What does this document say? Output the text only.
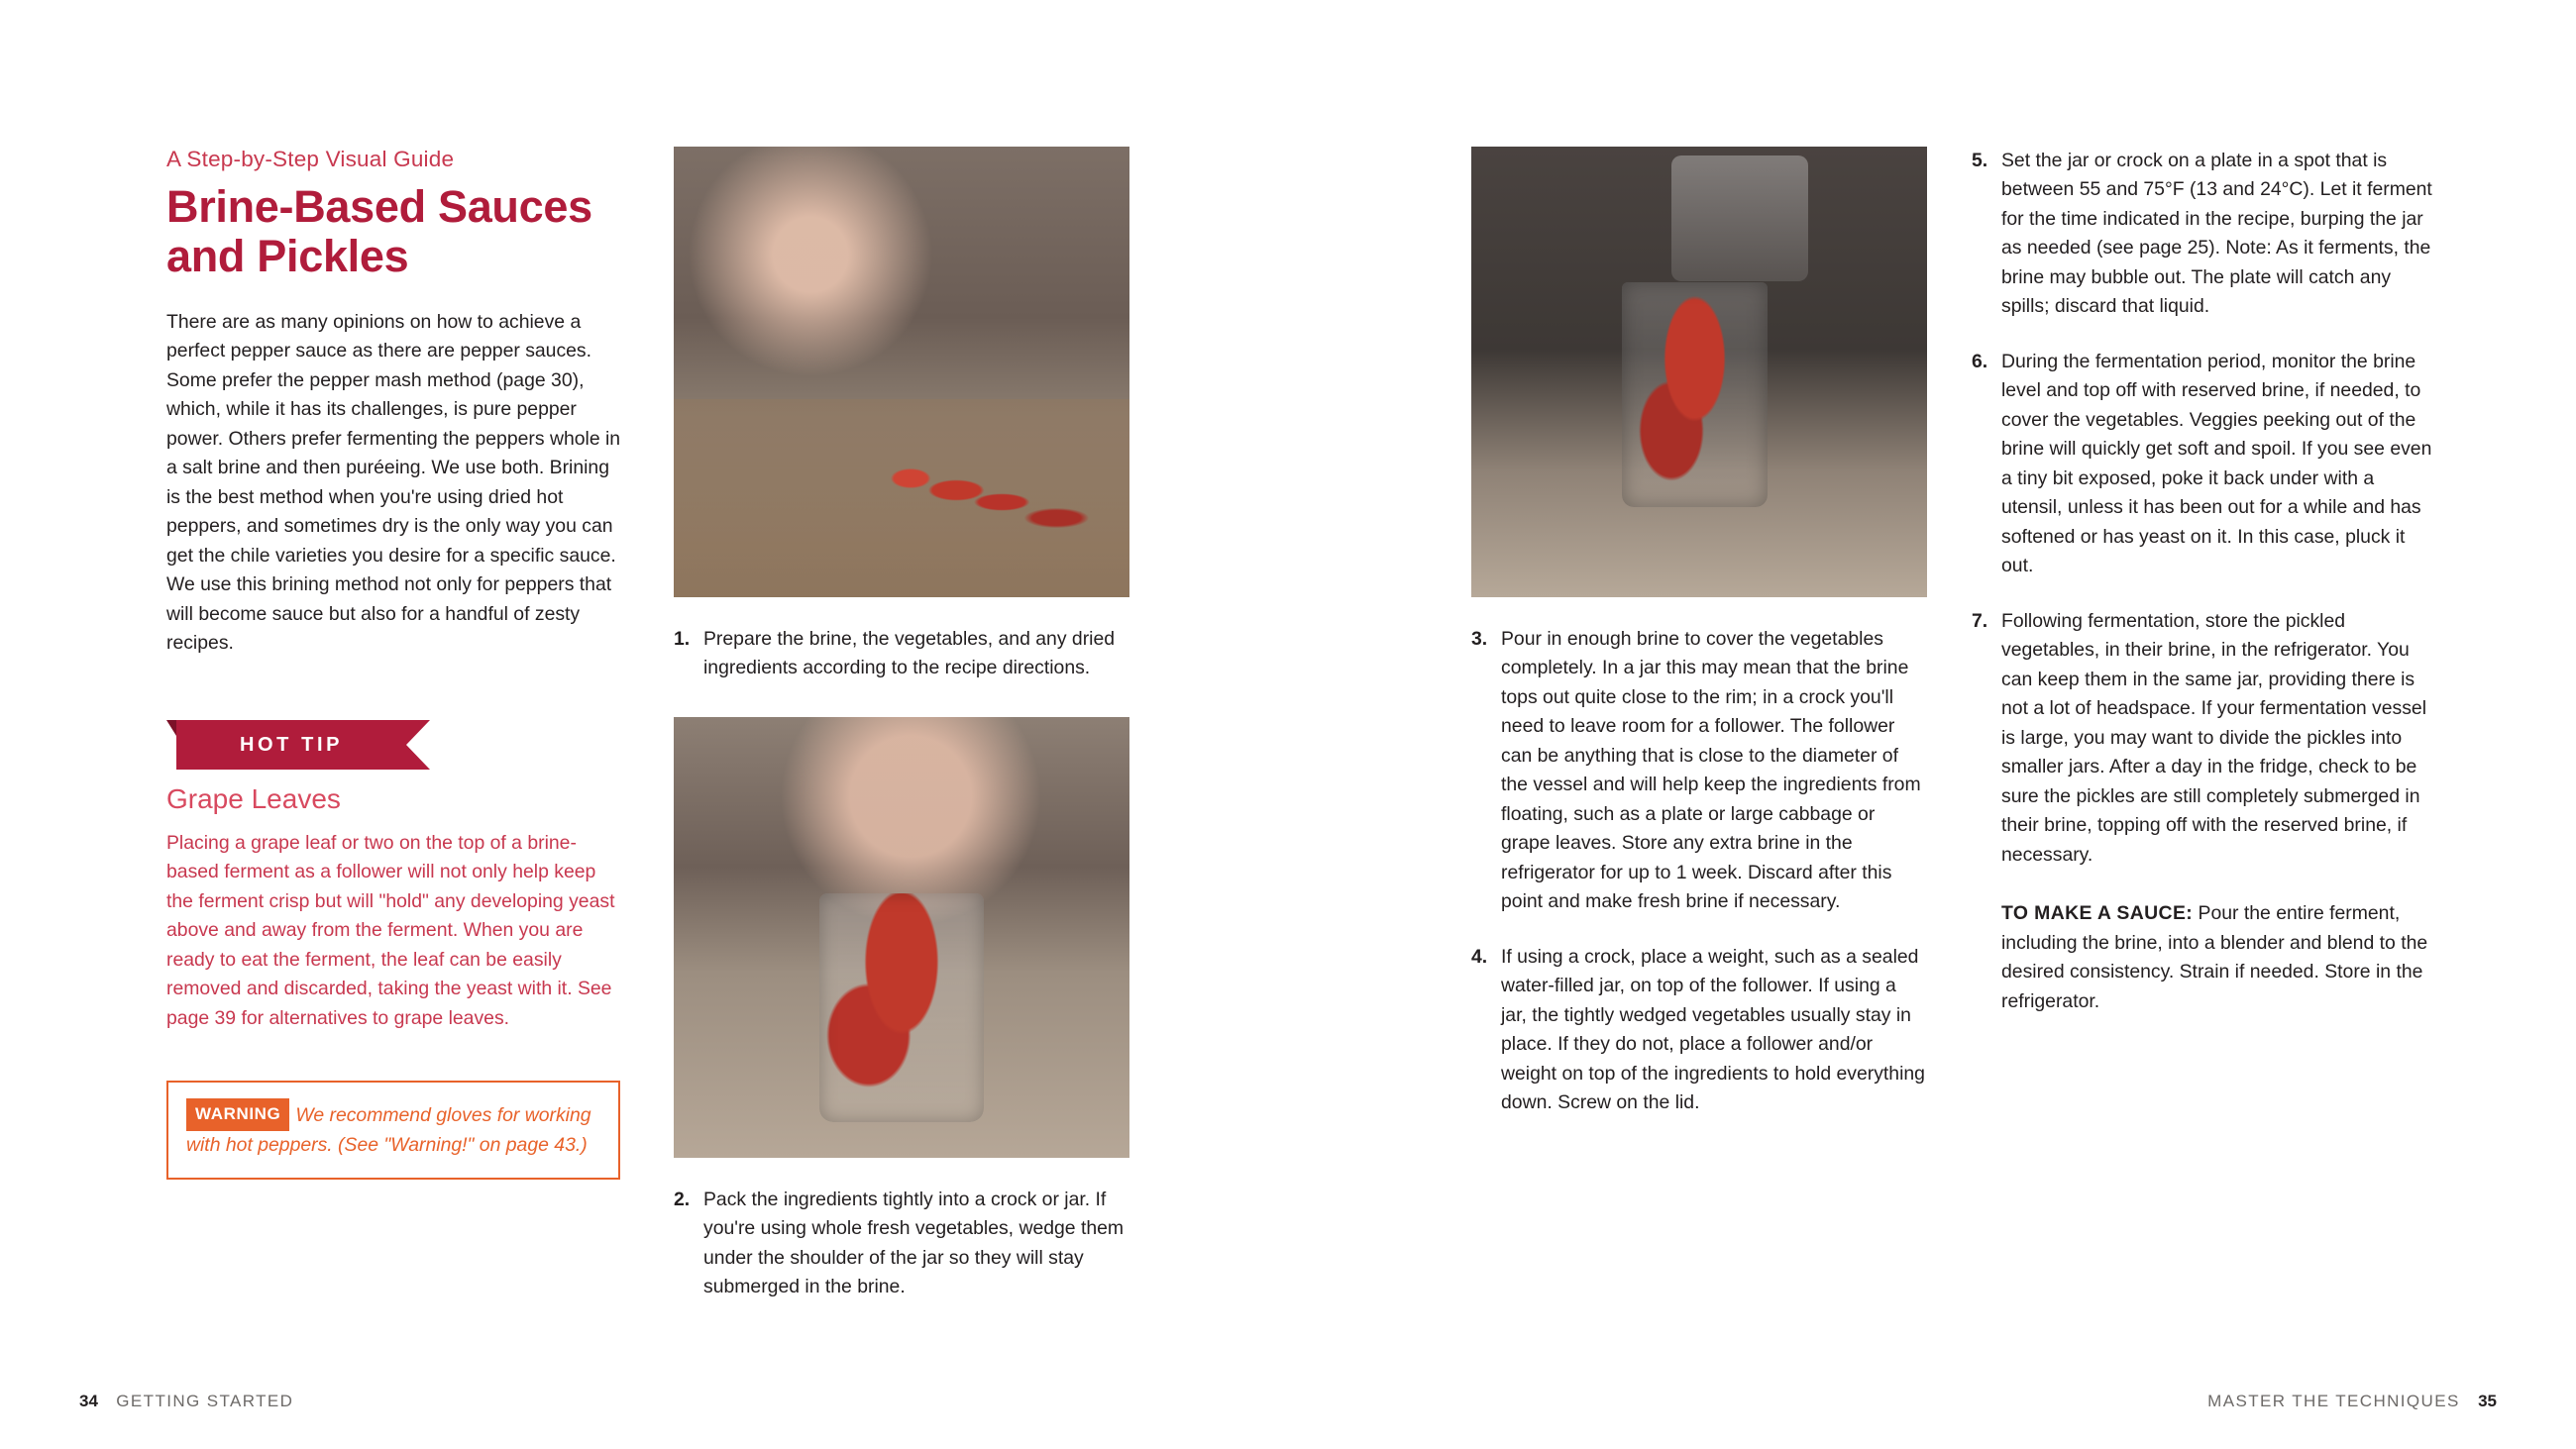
A Step-by-Step Visual Guide

Brine-Based Sauces and Pickles

There are as many opinions on how to achieve a perfect pepper sauce as there are pepper sauces. Some prefer the pepper mash method (page 30), which, while it has its challenges, is pure pepper power. Others prefer fermenting the peppers whole in a salt brine and then puréeing. We use both. Brining is the best method when you're using dried hot peppers, and sometimes dry is the only way you can get the chile varieties you desire for a specific sauce. We use this brining method not only for peppers that will become sauce but also for a handful of zesty recipes.

HOT TIP
Grape Leaves

Placing a grape leaf or two on the top of a brine-based ferment as a follower will not only help keep the ferment crisp but will "hold" any developing yeast above and away from the ferment. When you are ready to eat the ferment, the leaf can be easily removed and discarded, taking the yeast with it. See page 39 for alternatives to grape leaves.

WARNING We recommend gloves for working with hot peppers. (See "Warning!" on page 43.)
1. Prepare the brine, the vegetables, and any dried ingredients according to the recipe directions.
2. Pack the ingredients tightly into a crock or jar. If you're using whole fresh vegetables, wedge them under the shoulder of the jar so they will stay submerged in the brine.
3. Pour in enough brine to cover the vegetables completely. In a jar this may mean that the brine tops out quite close to the rim; in a crock you'll need to leave room for a follower. The follower can be anything that is close to the diameter of the vessel and will help keep the ingredients from floating, such as a plate or large cabbage or grape leaves. Store any extra brine in the refrigerator for up to 1 week. Discard after this point and make fresh brine if necessary.
4. If using a crock, place a weight, such as a sealed water-filled jar, on top of the follower. If using a jar, the tightly wedged vegetables usually stay in place. If they do not, place a follower and/or weight on top of the ingredients to hold everything down. Screw on the lid.
5. Set the jar or crock on a plate in a spot that is between 55 and 75°F (13 and 24°C). Let it ferment for the time indicated in the recipe, burping the jar as needed (see page 25). Note: As it ferments, the brine may bubble out. The plate will catch any spills; discard that liquid.
6. During the fermentation period, monitor the brine level and top off with reserved brine, if needed, to cover the vegetables. Veggies peeking out of the brine will quickly get soft and spoil. If you see even a tiny bit exposed, poke it back under with a utensil, unless it has been out for a while and has softened or has yeast on it. In this case, pluck it out.
7. Following fermentation, store the pickled vegetables, in their brine, in the refrigerator. You can keep them in the same jar, providing there is not a lot of headspace. If your fermentation vessel is large, you may want to divide the pickles into smaller jars. After a day in the fridge, check to be sure the pickles are still completely submerged in their brine, topping off with the reserved brine, if necessary.

TO MAKE A SAUCE: Pour the entire ferment, including the brine, into a blender and blend to the desired consistency. Strain if needed. Store in the refrigerator.

34 GETTING STARTED	MASTER THE TECHNIQUES 35
